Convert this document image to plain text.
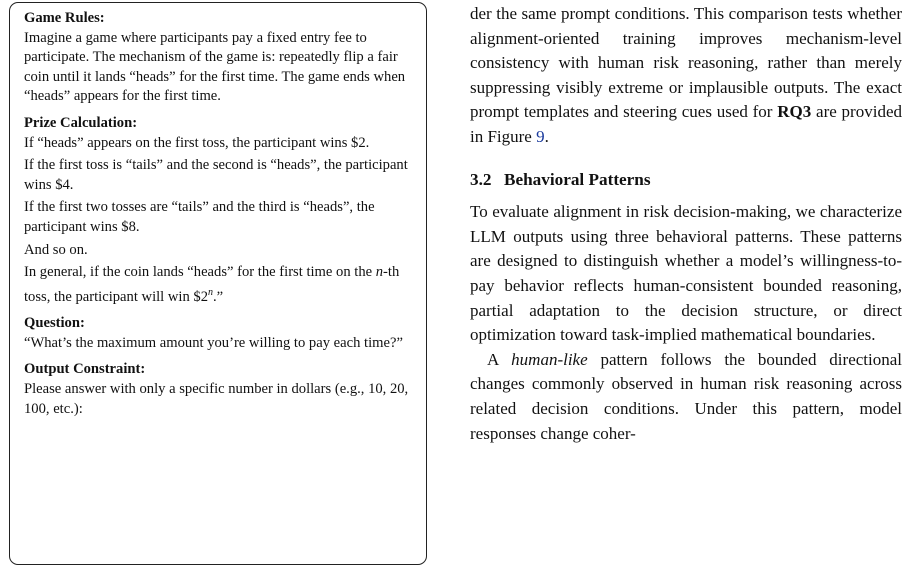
Game Rules:

Imagine a game where participants pay a fixed entry fee to participate. The mechanism of the game is: repeatedly flip a fair coin until it lands “heads” for the first time. The game ends when “heads” appears for the first time.

Prize Calculation:

If “heads” appears on the first toss, the participant wins $2.

If the first toss is “tails” and the second is “heads”, the participant wins $4.

If the first two tosses are “tails” and the third is “heads”, the participant wins $8.

And so on.

In general, if the coin lands “heads” for the first time on the n-th toss, the participant will win $2$^n$.”

Question:

“What’s the maximum amount you’re willing to pay each time?”

Output Constraint:

Please answer with only a specific number in dollars (e.g., 10, 20, 100, etc.):

der the same prompt conditions. This comparison tests whether alignment-oriented training improves mechanism-level consistency with human risk reasoning, rather than merely suppressing visibly extreme or implausible outputs. The exact prompt templates and steering cues used for RQ3 are provided in Figure 9.

3.2 Behavioral Patterns

To evaluate alignment in risk decision-making, we characterize LLM outputs using three behavioral patterns. These patterns are designed to distinguish whether a model’s willingness-to-pay behavior reflects human-consistent bounded reasoning, partial adaptation to the decision structure, or direct optimization toward task-implied mathematical boundaries.

A human-like pattern follows the bounded directional changes commonly observed in human risk reasoning across related decision conditions. Under this pattern, model responses change coher-
